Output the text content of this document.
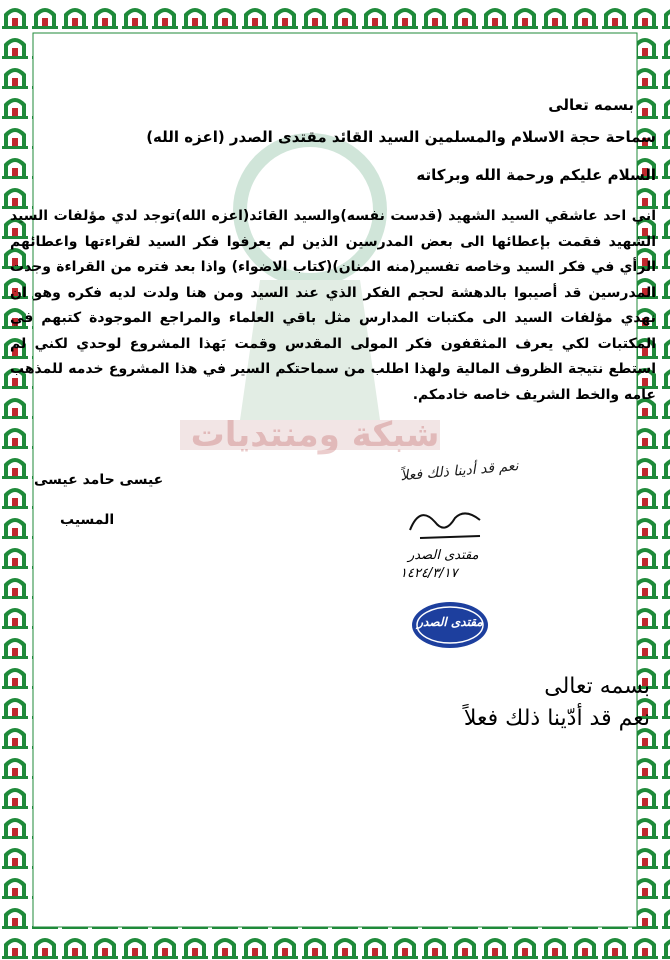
شبكة ومنتديات
بسمه تعالى
سماحة حجة الاسلام والمسلمين السيد القائد مقتدى الصدر (اعزه الله)
السلام عليكم ورحمة الله وبركاته
اني احد عاشقي السيد الشهيد (قدست نفسه)والسيد القائد(اعزه الله)توجد لدي مؤلفات السيد الشهيد فقمت بإعطائها الى بعض المدرسين الذين لم يعرفوا فكر السيد لقراءتها واعطائهم الرأي في فكر السيد وخاصه تفسير(منه المنان)(كتاب الاضواء) واذا بعد فتره من القراءة وجدت المدرسين قد أصيبوا بالدهشة لحجم الفكر الذي عند السيد ومن هنا ولدت لديه فكره وهو ان نهدي مؤلفات السيد الى مكتبات المدارس مثل باقي العلماء والمراجع الموجودة كتبهم في المكتبات لكي يعرف المثقفون فكر المولى المقدس وقمت بَهذا المشروع لوحدي لكني لم استطع نتيجة الظروف المالية ولهذا اطلب من سماحتكم السير في هذا المشروع خدمه للمذهب عامه والخط الشريف خاصه خادمكم.
عيسى حامد عيسى
المسيب
نعم قد أدينا ذلك فعلاً
مقتدى الصدر
١٤٢٤/٣/١٧
مقتدى الصدر
بسمه تعالى
نعم قد أدّينا ذلك فعلاً
